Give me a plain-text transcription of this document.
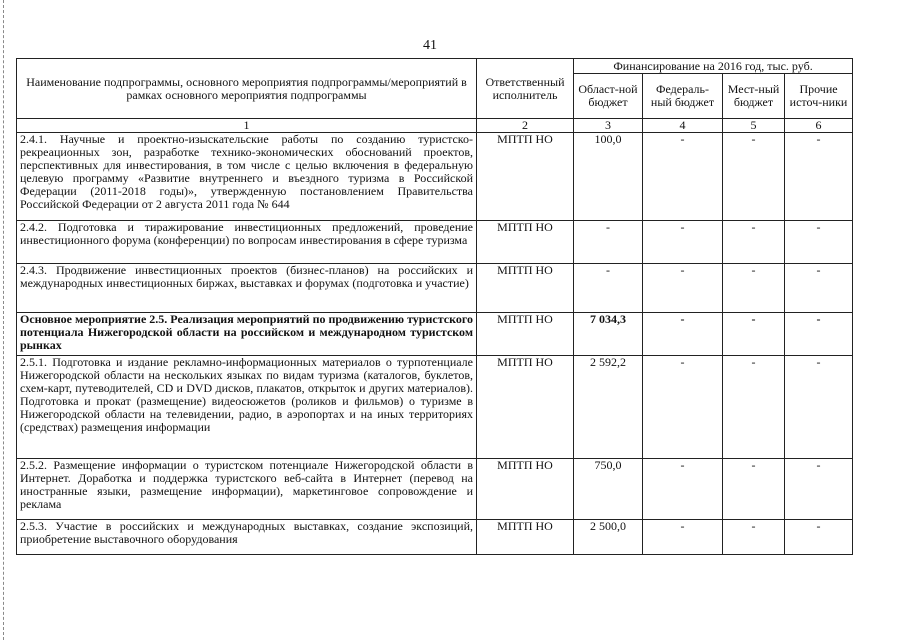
41
Наименование подпрограммы, основного мероприятия подпрограммы/мероприятий в рамках основного мероприятия подпрограммы	Ответственный исполнитель	Финансирование на 2016 год, тыс. руб.			
		Област-ной бюджет	Федераль-ный бюджет	Мест-ный бюджет	Прочие источ-ники
1	2	3	4	5	6
2.4.1. Научные и проектно-изыскательские работы по созданию туристско-рекреационных зон, разработке технико-экономических обоснований проектов, перспективных для инвестирования, в том числе с целью включения в федеральную целевую программу «Развитие внутреннего и въездного туризма в Российской Федерации (2011-2018 годы)», утвержденную постановлением Правительства Российской Федерации от 2 августа 2011 года № 644	МПТП НО	100,0	-	-	-
2.4.2. Подготовка и тиражирование инвестиционных предложений, проведение инвестиционного форума (конференции) по вопросам инвестирования в сфере туризма	МПТП НО	-	-	-	-
2.4.3. Продвижение инвестиционных проектов (бизнес-планов) на российских и международных инвестиционных биржах, выставках и форумах (подготовка и участие)	МПТП НО	-	-	-	-
Основное мероприятие 2.5. Реализация мероприятий по продвижению туристского потенциала Нижегородской области на российском и международном туристском рынках	МПТП НО	7 034,3	-	-	-
2.5.1. Подготовка и издание рекламно-информационных материалов о турпотенциале Нижегородской области на нескольких языках по видам туризма (каталогов, буклетов, схем-карт, путеводителей, CD и DVD дисков, плакатов, открыток и других материалов). Подготовка и прокат (размещение) видеосюжетов (роликов и фильмов) о туризме в Нижегородской области на телевидении, радио, в аэропортах и на иных территориях (средствах) размещения информации	МПТП НО	2 592,2	-	-	-
2.5.2. Размещение информации о туристском потенциале Нижегородской области в Интернет. Доработка и поддержка туристского веб-сайта в Интернет (перевод на иностранные языки, размещение информации), маркетинговое сопровождение и реклама	МПТП НО	750,0	-	-	-
2.5.3. Участие в российских и международных выставках, создание экспозиций, приобретение выставочного оборудования	МПТП НО	2 500,0	-	-	-
